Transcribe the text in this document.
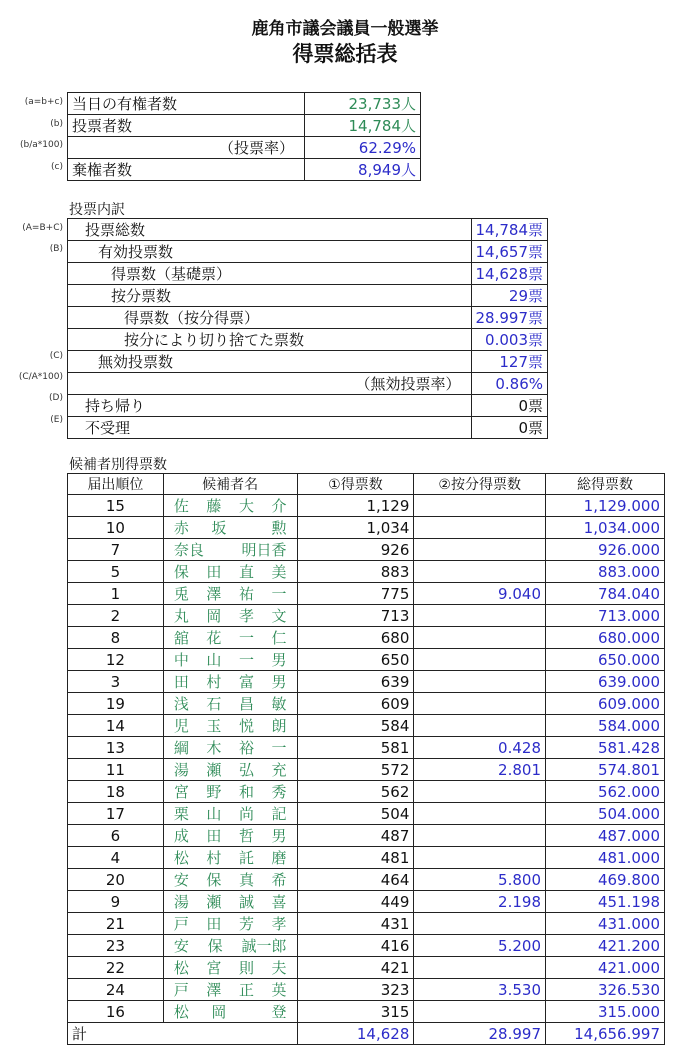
鹿角市議会議員一般選挙
得票総括表
(a=b+c)
(b)
(b/a*100)
(c)
当日の有権者数	23,733人
投票者数	14,784人
（投票率）	62.29%
棄権者数	8,949人
投票内訳
(A=B+C)
(B)
(C)
(C/A*100)
(D)
(E)
投票総数	14,784票
有効投票数	14,657票
得票数（基礎票）	14,628票
按分票数	29票
得票数（按分得票）	28.997票
按分により切り捨てた票数	0.003票
無効投票数	127票
（無効投票率）	0.86%
持ち帰り	0票
不受理	0票
候補者別得票数
届出順位	候補者名	①得票数	②按分得票数	総得票数
15	佐 藤 大 介	1,129		1,129.000
10	赤 坂 勲	1,034		1,034.000
7	奈良 明日香	926		926.000
5	保 田 直 美	883		883.000
1	兎 澤 祐 一	775	9.040	784.040
2	丸 岡 孝 文	713		713.000
8	舘 花 一 仁	680		680.000
12	中 山 一 男	650		650.000
3	田 村 富 男	639		639.000
19	浅 石 昌 敏	609		609.000
14	児 玉 悦 朗	584		584.000
13	綱 木 裕 一	581	0.428	581.428
11	湯 瀬 弘 充	572	2.801	574.801
18	宮 野 和 秀	562		562.000
17	栗 山 尚 記	504		504.000
6	成 田 哲 男	487		487.000
4	松 村 託 磨	481		481.000
20	安 保 真 希	464	5.800	469.800
9	湯 瀬 誠 喜	449	2.198	451.198
21	戸 田 芳 孝	431		431.000
23	安 保 誠一郎	416	5.200	421.200
22	松 宮 則 夫	421		421.000
24	戸 澤 正 英	323	3.530	326.530
16	松 岡 登	315		315.000
計		14,628	28.997	14,656.997
